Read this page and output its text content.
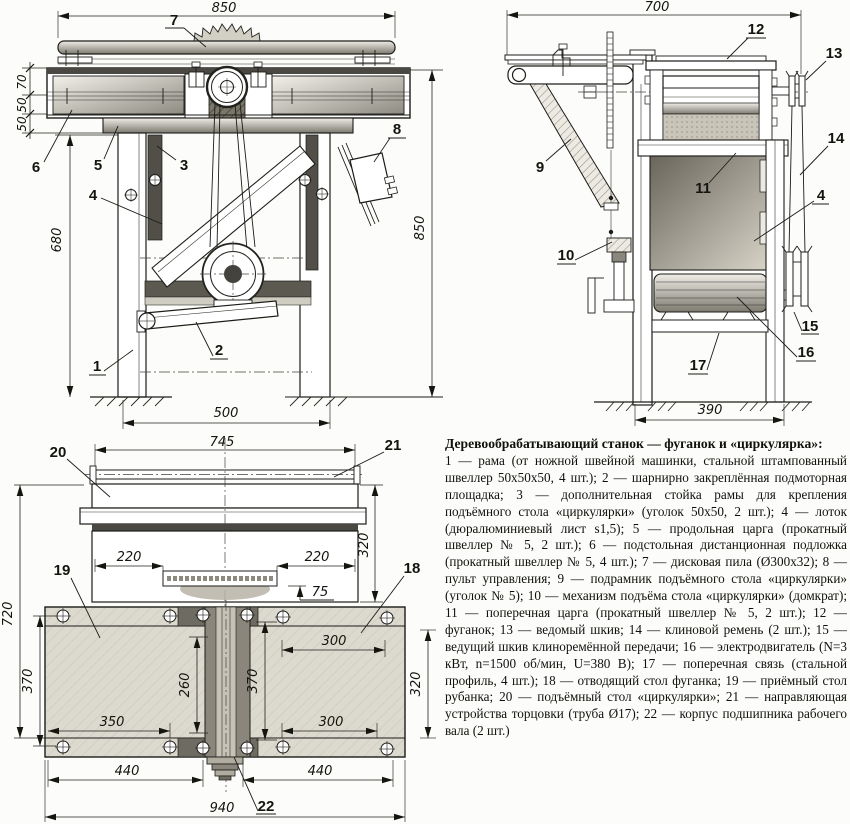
850
70
50
50
680	850
500
7
6	5	3
4
8
1
2
700
390
12
13
9
11
14
4
10
15
16
17
745
220	220
75
320
720
370	260	370	320
300
350	300
440	440
940
20	21
19	18
22

Деревообрабатывающий станок — фуганок и «циркулярка»:

1 — рама (от ножной швейной машинки, стальной штампованный швеллер 50х50х50, 4 шт.); 2 — шарнирно закреплённая подмоторная площадка; 3 — дополнительная стойка рамы для крепления подъёмного стола «циркулярки» (уголок 50х50, 2 шт.); 4 — лоток (дюралюминиевый лист s1,5); 5 — продольная царга (прокатный швеллер № 5, 2 шт.); 6 — подстольная дистанционная подложка (прокатный швеллер № 5, 4 шт.); 7 — дисковая пила (Ø300х32); 8 — пульт управления; 9 — подрамник подъёмного стола «циркулярки» (уголок № 5); 10 — механизм подъёма стола «циркулярки» (домкрат); 11 — поперечная царга (прокатный швеллер № 5, 2 шт.); 12 — фуганок; 13 — ведомый шкив; 14 — клиновой ремень (2 шт.); 15 — ведущий шкив клиноремённой передачи; 16 — электродвигатель (N=3 кВт, n=1500 об/мин, U=380 В); 17 — поперечная связь (стальной профиль, 4 шт.); 18 — отводящий стол фуганка; 19 — приёмный стол рубанка; 20 — подъёмный стол «циркулярки»; 21 — направляющая устройства торцовки (труба Ø17); 22 — корпус подшипника рабочего вала (2 шт.)
